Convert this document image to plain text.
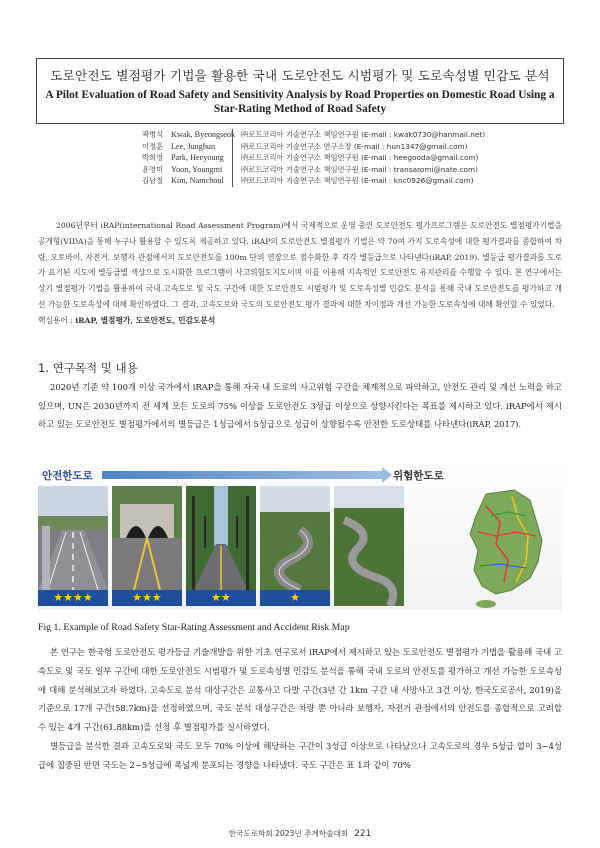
도로안전도 별점평가 기법을 활용한 국내 도로안전도 시범평가 및 도로속성별 민감도 분석
A Pilot Evaluation of Road Safety and Sensitivity Analysis by Road Properties on Domestic Road Using a Star-Rating Method of Road Safety
곽병석 Kwak, Byeongseok ㈜로드코리아 기술연구소 책임연구원 (E-mail : kwak0730@hanmail.net)
이정훈 Lee, Junghun	㈜로드코리아 기술연구소 연구소장 (E-mail : hun1347@gmail.com)
박희영 Park, Heeyoung	㈜로드코리아 기술연구소 책임연구원 (E-mail : heegooda@gmail.com)
윤영미 Yoon, Youngmi	㈜로드코리아 기술연구소 책임연구원 (E-mail : transaromi@nate.com)
김남철 Kim, Namchoul	㈜로드코리아 기술연구소 책임연구원 (E-mail : knc0926@gmail.com)

2006년부터 iRAP(international Road Assessment Program)에서 국제적으로 운영 중인 도로안전도 평가프로그램은 도로안전도 별점평가기법을 공개형(VIDA)을 통해 누구나 활용할 수 있도록 제공하고 있다. iRAP의 도로안전도 별점평가 기법은 약 70여 가지 도로속성에 대한 평가결과를 종합하여 차량, 오토바이, 자전거, 보행자 관점에서의 도로안전도를 100m 단위 연장으로 점수화한 후 각각 별등급으로 나타낸다(iRAP, 2019). 별등급 평가결과를 도로가 표기된 지도에 별등급별 색상으로 도시화한 프로그램이 사고위험도지도이며 이를 이용해 지속적인 도로안전도 유지관리를 수행할 수 있다. 본 연구에서는 상기 별점평가 기법을 활용하여 국내 고속도로 및 국도 구간에 대한 도로안전도 시범평가 및 도로속성별 민감도 분석을 통해 국내 도로안전도를 평가하고 개선 가능한 도로속성에 대해 확인하였다. 그 결과, 고속도로와 국도의 도로안전도 평가 결과에 대한 차이점과 개선 가능한 도로속성에 대해 확인할 수 있었다.

핵심용어 : iRAP, 별점평가, 도로안전도, 민감도분석

1. 연구목적 및 내용

2020년 기준 약 100개 이상 국가에서 iRAP을 통해 자국 내 도로의 사고위험 구간을 체계적으로 파악하고, 안전도 관리 및 개선 노력을 하고 있으며, UN은 2030년까지 전 세계 모든 도로의 75% 이상을 도로안전도 3성급 이상으로 상향시킨다는 목표를 제시하고 있다. iRAP에서 제시하고 있는 도로안전도 별점평가에서의 별등급은 1성급에서 5성급으로 성급이 상향될수록 안전한 도로상태를 나타낸다(iRAP, 2017).

안전한도로	위험한도로
★★★★	★★★	★★	★
Fig 1. Example of Road Safety Star-Rating Assessment and Accident Risk Map

본 연구는 한국형 도로안전도 평가등급 기술개발을 위한 기초 연구로서 iRAP에서 제시하고 있는 도로안전도 별점평가 기법을 활용해 국내 고속도로 및 국도 일부 구간에 대한 도로안전도 시범평가 및 도로속성별 민감도 분석을 통해 국내 도로의 안전도를 평가하고 개선 가능한 도로속성에 대해 분석해보고자 하였다. 고속도로 분석 대상구간은 교통사고 다발 구간(3년 간 1km 구간 내 사망사고 3건 이상, 한국도로공사, 2019)을 기준으로 17개 구간(58.7km)을 선정하였으며, 국도 분석 대상구간은 차량 뿐 아니라 보행자, 자전거 관점에서의 안전도를 종합적으로 고려할 수 있는 4개 구간(61.88km)을 선정 후 별점평가를 실시하였다.

별등급을 분석한 결과 고속도로와 국도 모두 70% 이상에 해당하는 구간이 3성급 이상으로 나타났으나 고속도로의 경우 5성급 없이 3~4성급에 집중된 반면 국도는 2~5성급에 폭넓게 분포되는 경향을 나타냈다. 국도 구간은 표 1과 같이 70%

한국도로학회 2023년 추계학술대회 221
